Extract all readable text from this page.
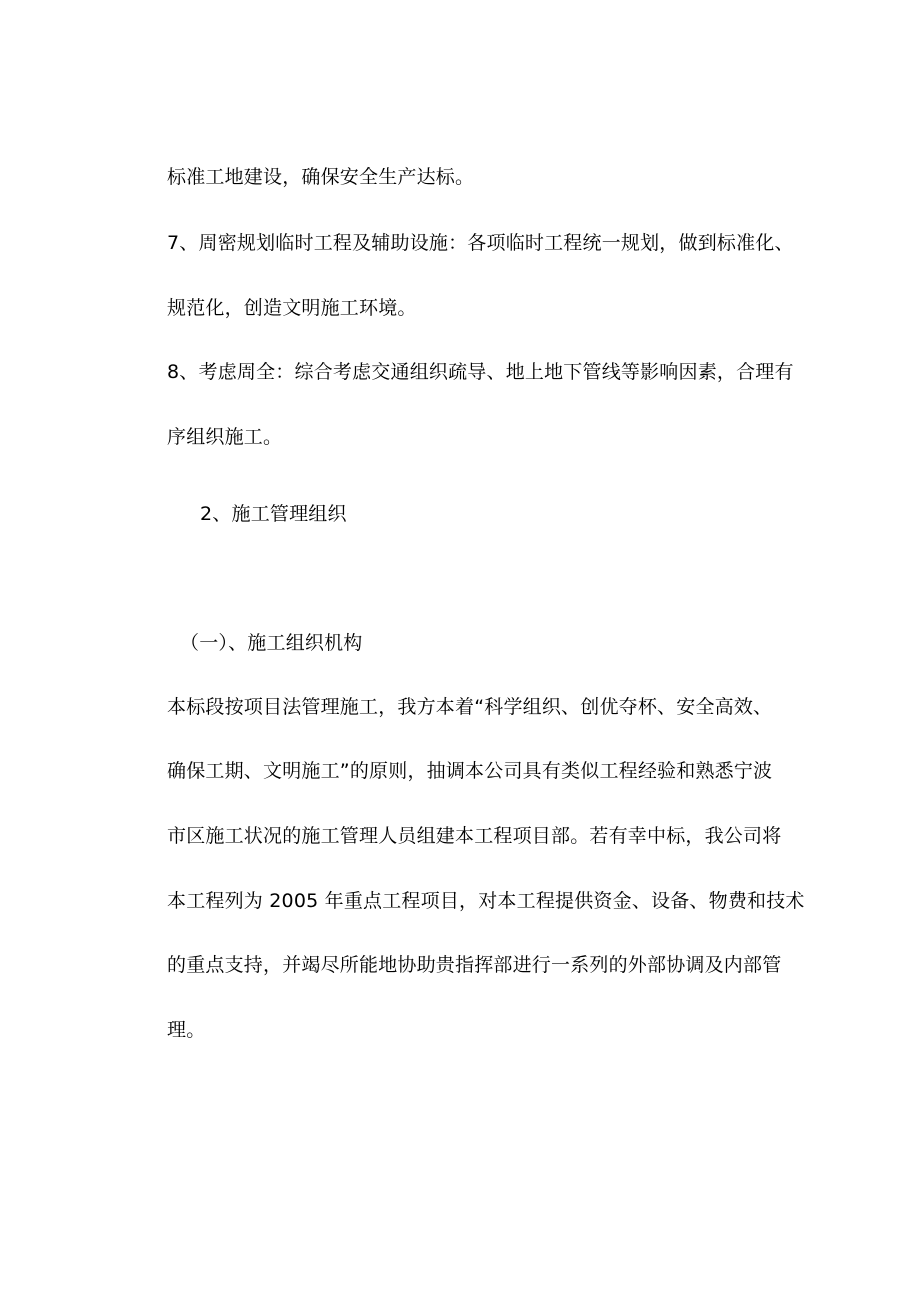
标准工地建设，确保安全生产达标。
7、周密规划临时工程及辅助设施：各项临时工程统一规划，做到标准化、
规范化，创造文明施工环境。
8、考虑周全：综合考虑交通组织疏导、地上地下管线等影响因素，合理有
序组织施工。
2、施工管理组织
（一）、施工组织机构
本标段按项目法管理施工，我方本着“科学组织、创优夺杯、安全高效、
确保工期、文明施工”的原则，抽调本公司具有类似工程经验和熟悉宁波
市区施工状况的施工管理人员组建本工程项目部。若有幸中标，我公司将
本工程列为 2005 年重点工程项目，对本工程提供资金、设备、物费和技术
的重点支持，并竭尽所能地协助贵指挥部进行一系列的外部协调及内部管
理。
